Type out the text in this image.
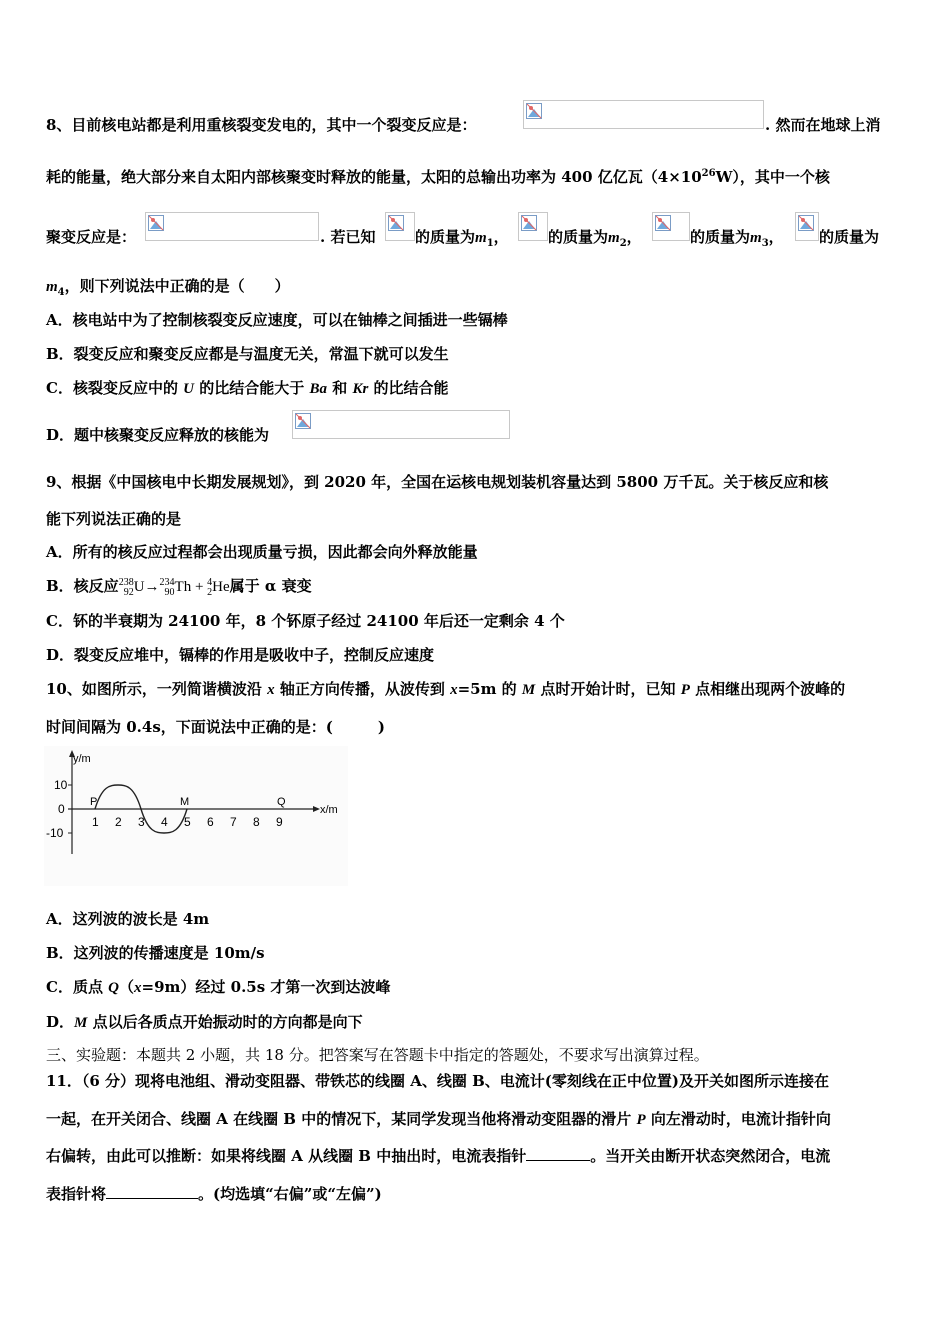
8、目前核电站都是利用重核裂变发电的，其中一个裂变反应是：	. 然而在地球上消
耗的能量，绝大部分来自太阳内部核聚变时释放的能量，太阳的总输出功率为 400 亿亿瓦$(4\times 10^{26}W)$，其中一个核
聚变反应是：	. 若已知	的质量为$m_1$，	的质量为$m_2$，	的质量为$m_3$， 的质量为
$m_4$，则下列说法中正确的是（　　）
A．核电站中为了控制核裂变反应速度，可以在铀棒之间插进一些镉棒
B．裂变反应和聚变反应都是与温度无关，常温下就可以发生
C．核裂变反应中的 U 的比结合能大于 Ba 和 Kr 的比结合能
D．题中核聚变反应释放的核能为
9、根据《中国核电中长期发展规划》，到 2020 年，全国在运核电规划装机容量达到 5800 万千瓦。关于核反应和核
能下列说法正确的是
A．所有的核反应过程都会出现质量亏损，因此都会向外释放能量
B．核反应238
92U→234
90Th + 4
2He属于 α 衰变
C．钚的半衰期为 24100 年，8 个钚原子经过 24100 年后还一定剩余 4 个
D．裂变反应堆中，镉棒的作用是吸收中子，控制反应速度
10、如图所示，一列简谐横波沿 x 轴正方向传播，从波传到 x=5m 的 M 点时开始计时，已知 P 点相继出现两个波峰的
时间间隔为 0.4s，下面说法中正确的是：(　　　)
y/m
x/m
10
0
-10
1 2 3 4 5 6 7 8 9
P	M	Q
A．这列波的波长是 4m
B．这列波的传播速度是 10m/s
C．质点 Q（x=9m）经过 0.5s 才第一次到达波峰
D．M 点以后各质点开始振动时的方向都是向下
三、实验题：本题共 2 小题，共 18 分。把答案写在答题卡中指定的答题处，不要求写出演算过程。
11．（6 分）现将电池组、滑动变阻器、带铁芯的线圈 A、线圈 B、电流计(零刻线在正中位置)及开关如图所示连接在
一起，在开关闭合、线圈 A 在线圈 B 中的情况下，某同学发现当他将滑动变阻器的滑片 P 向左滑动时，电流计指针向
右偏转，由此可以推断：如果将线圈 A 从线圈 B 中抽出时，电流表指针	。当开关由断开状态突然闭合，电流
表指针将	。(均选填“右偏”或“左偏”)
